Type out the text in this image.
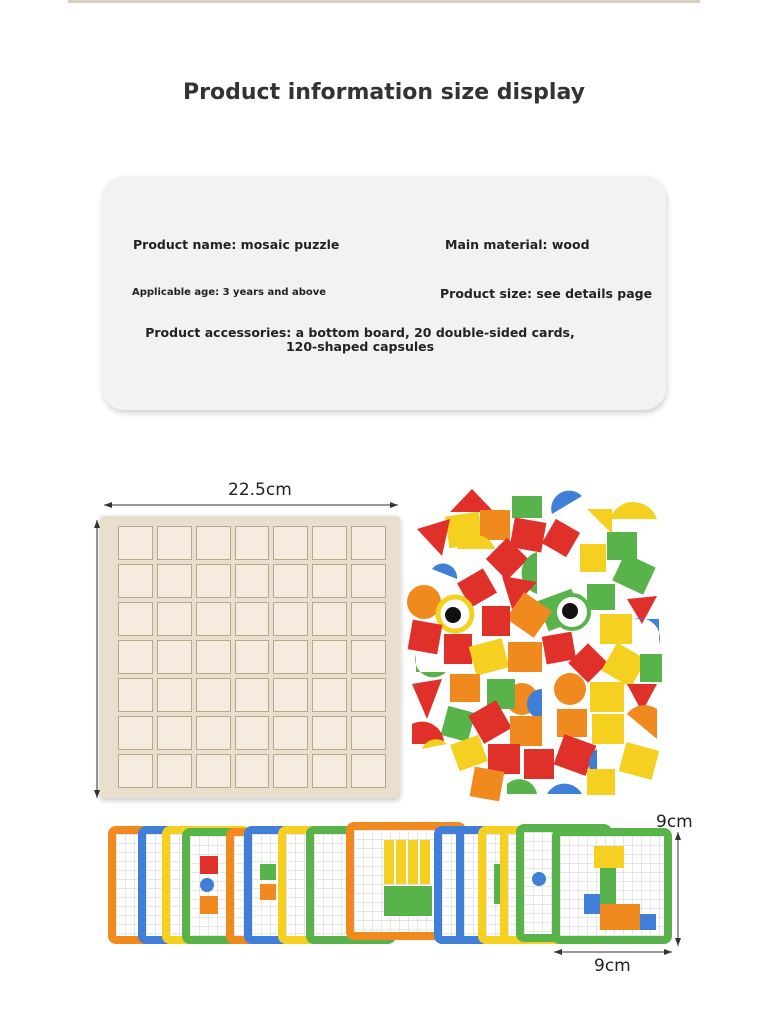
Product information size display
Product name: mosaic puzzle	Main material: wood
Applicable age: 3 years and above	Product size: see details page
Product accessories: a bottom board, 20 double-sided cards, 120-shaped capsules
22.5cm
9cm
9cm
